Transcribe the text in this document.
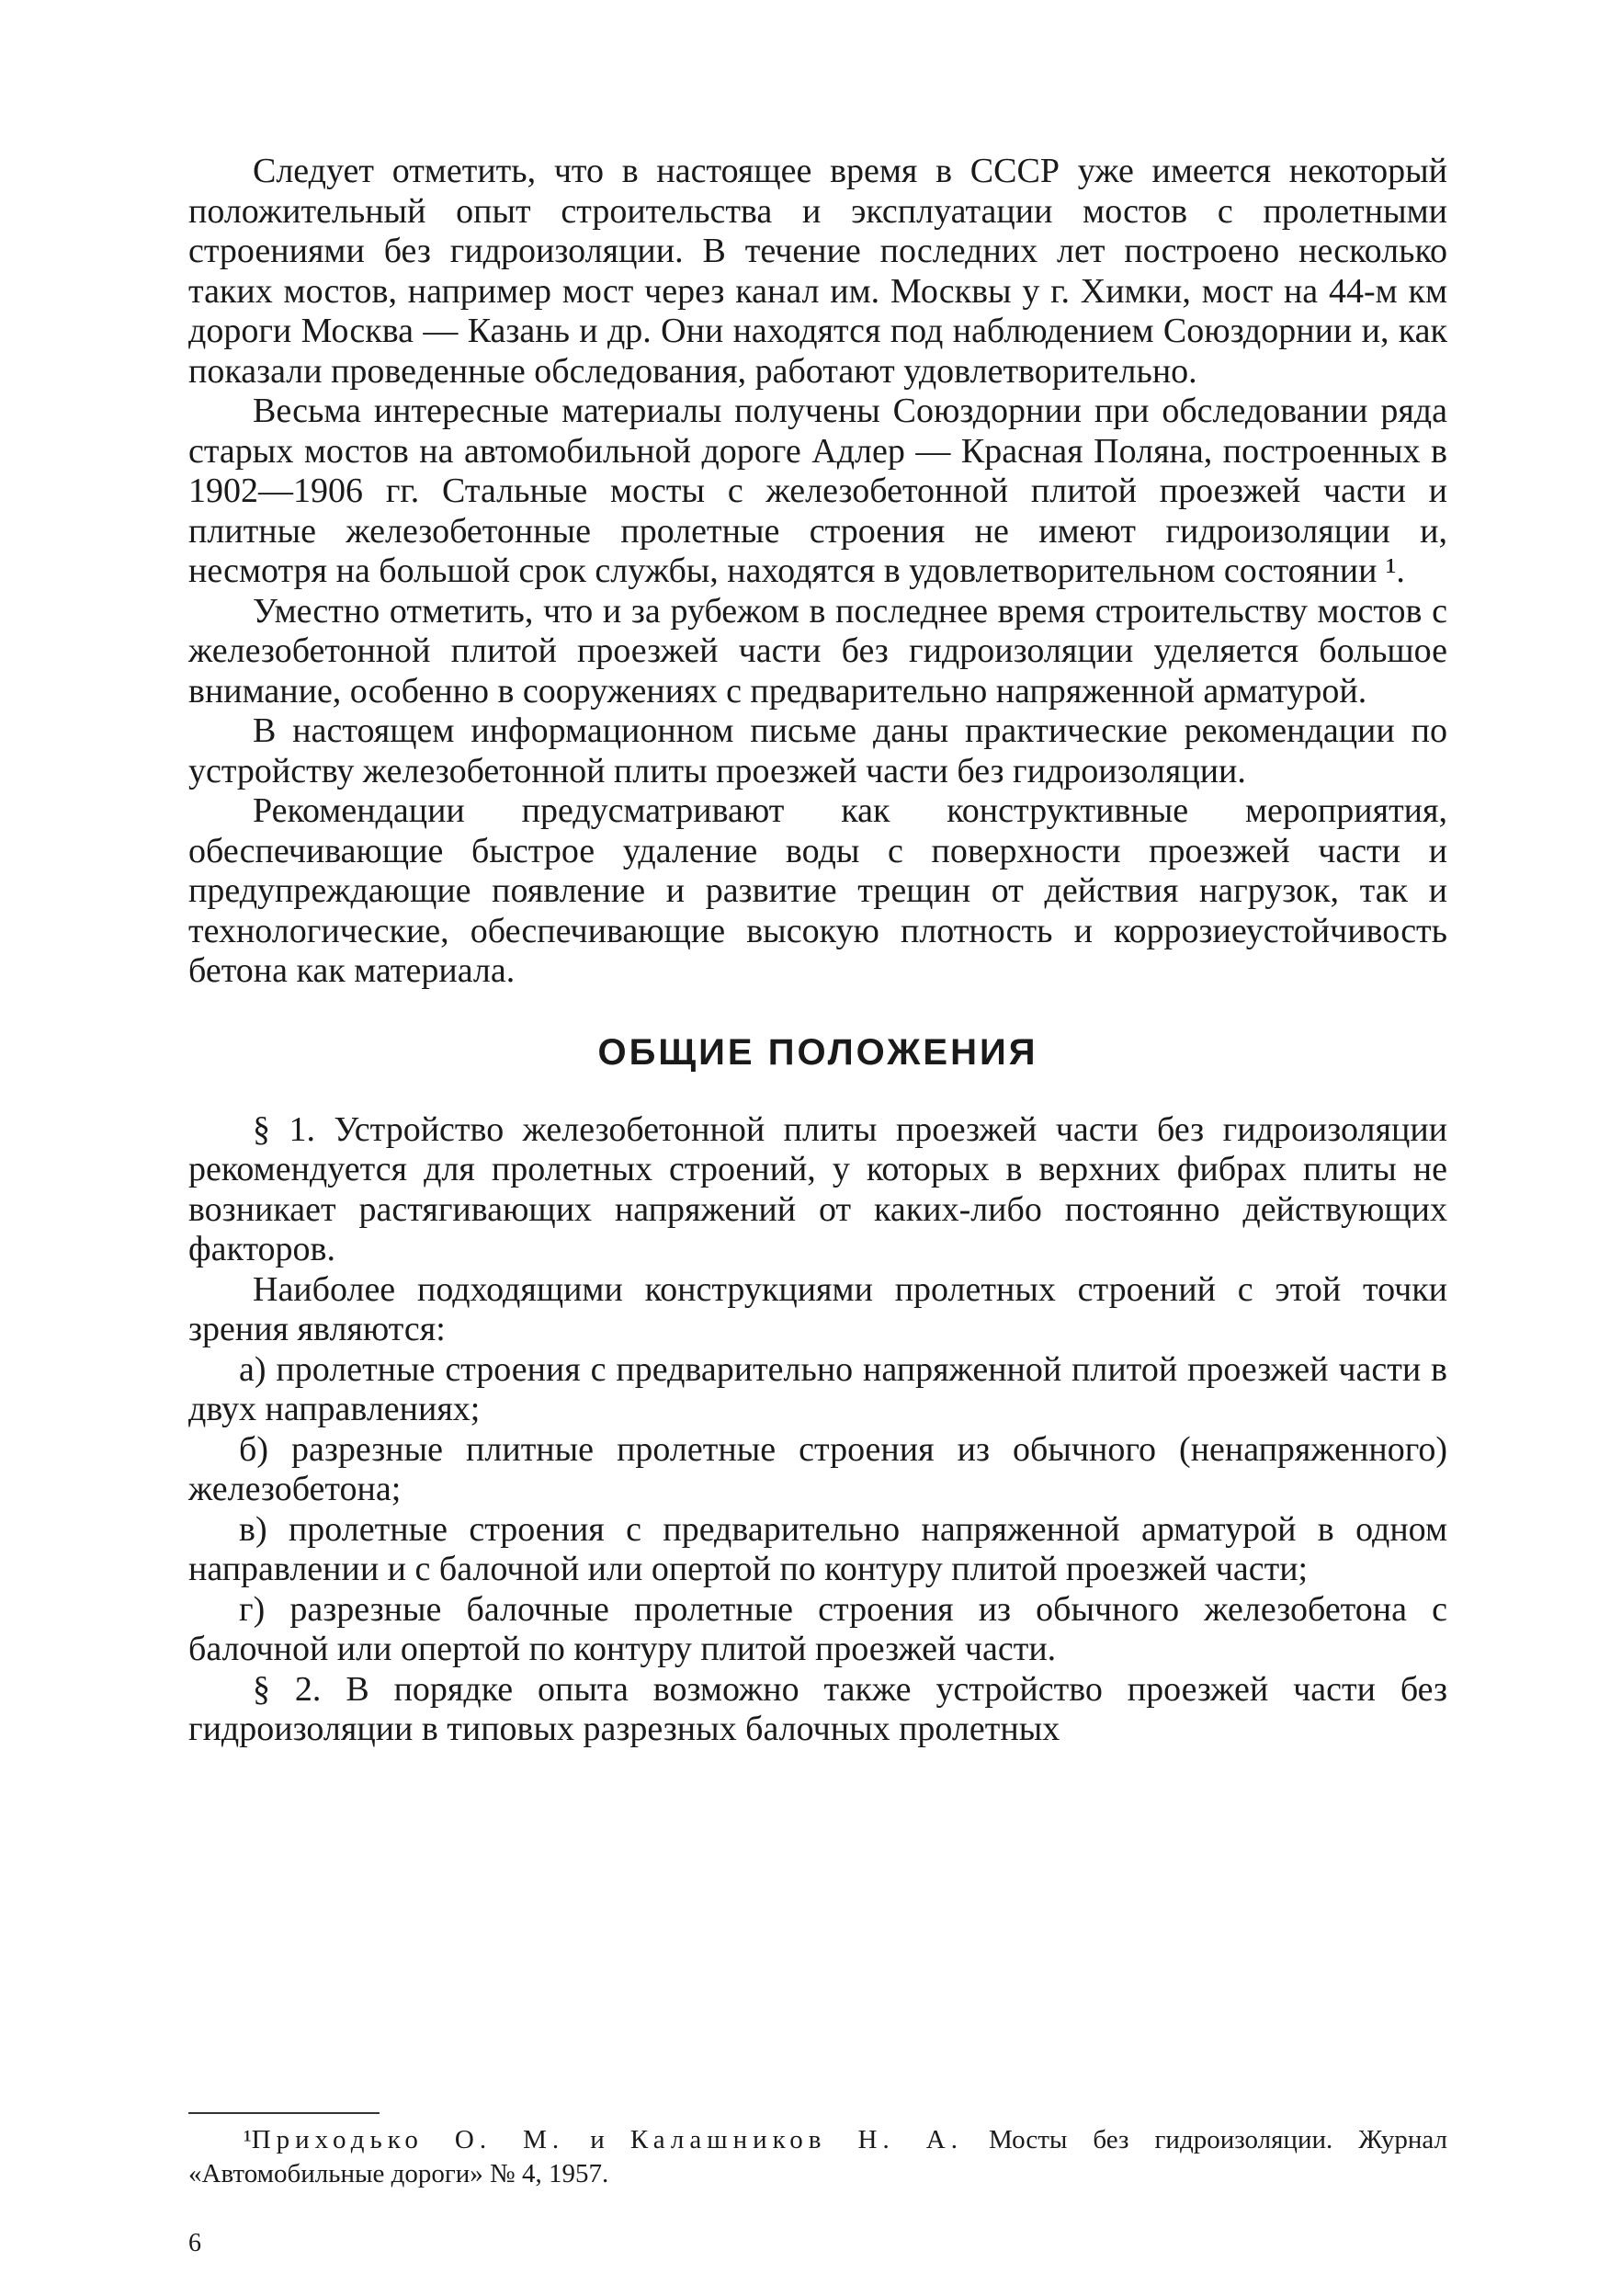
Следует отметить, что в настоящее время в СССР уже имеется некоторый положительный опыт строительства и эксплуатации мостов с пролетными строениями без гидроизоляции. В течение последних лет построено несколько таких мостов, например мост через канал им. Москвы у г. Химки, мост на 44-м км дороги Москва — Казань и др. Они находятся под наблюдением Союздорнии и, как показали проведенные обследования, работают удовлетворительно.

Весьма интересные материалы получены Союздорнии при обследовании ряда старых мостов на автомобильной дороге Адлер — Красная Поляна, построенных в 1902—1906 гг. Стальные мосты с железобетонной плитой проезжей части и плитные железобетонные пролетные строения не имеют гидроизоляции и, несмотря на большой срок службы, находятся в удовлетворительном состоянии ¹.

Уместно отметить, что и за рубежом в последнее время строительству мостов с железобетонной плитой проезжей части без гидроизоляции уделяется большое внимание, особенно в сооружениях с предварительно напряженной арматурой.

В настоящем информационном письме даны практические рекомендации по устройству железобетонной плиты проезжей части без гидроизоляции.

Рекомендации предусматривают как конструктивные мероприятия, обеспечивающие быстрое удаление воды с поверхности проезжей части и предупреждающие появление и развитие трещин от действия нагрузок, так и технологические, обеспечивающие высокую плотность и коррозиеустойчивость бетона как материала.

ОБЩИЕ ПОЛОЖЕНИЯ

§ 1. Устройство железобетонной плиты проезжей части без гидроизоляции рекомендуется для пролетных строений, у которых в верхних фибрах плиты не возникает растягивающих напряжений от каких-либо постоянно действующих факторов.

Наиболее подходящими конструкциями пролетных строений с этой точки зрения являются:

а) пролетные строения с предварительно напряженной плитой проезжей части в двух направлениях;

б) разрезные плитные пролетные строения из обычного (ненапряженного) железобетона;

в) пролетные строения с предварительно напряженной арматурой в одном направлении и с балочной или опертой по контуру плитой проезжей части;

г) разрезные балочные пролетные строения из обычного железобетона с балочной или опертой по контуру плитой проезжей части.

§ 2. В порядке опыта возможно также устройство проезжей части без гидроизоляции в типовых разрезных балочных пролетных

¹Приходько О. М. и Калашников Н. А. Мосты без гидроизоляции. Журнал «Автомобильные дороги» № 4, 1957.

6
